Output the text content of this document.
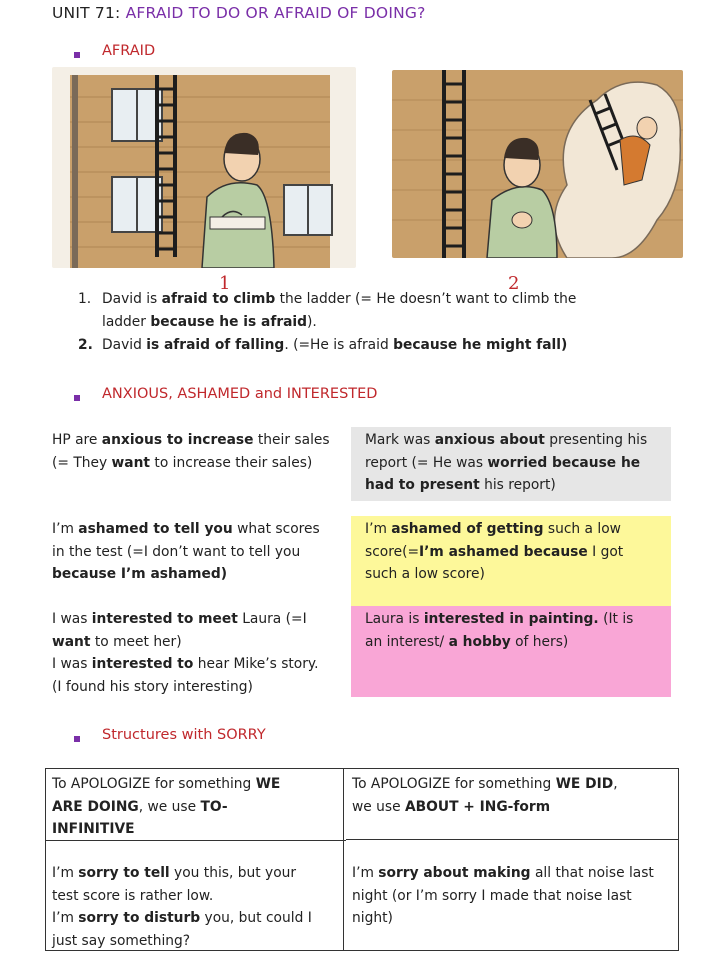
UNIT 71: AFRAID TO DO OR AFRAID OF DOING?
AFRAID
1	2
1. David is afraid to climb the ladder (= He doesn’t want to climb the
ladder because he is afraid).
2. David is afraid of falling. (=He is afraid because he might fall)
ANXIOUS, ASHAMED and INTERESTED
HP are anxious to increase their sales
(= They want to increase their sales)
Mark was anxious about presenting his
report (= He was worried because he
had to present his report)
I’m ashamed to tell you what scores
in the test (=I don’t want to tell you
because I’m ashamed)
I’m ashamed of getting such a low
score(=I’m ashamed because I got
such a low score)
I was interested to meet Laura (=I
want to meet her)
I was interested to hear Mike’s story.
(I found his story interesting)
Laura is interested in painting. (It is
an interest/ a hobby of hers)
Structures with SORRY
To APOLOGIZE for something WE
ARE DOING, we use TO-
INFINITIVE
To APOLOGIZE for something WE DID,
we use ABOUT + ING-form
I’m sorry to tell you this, but your
test score is rather low.
I’m sorry to disturb you, but could I
just say something?
I’m sorry about making all that noise last
night (or I’m sorry I made that noise last
night)
